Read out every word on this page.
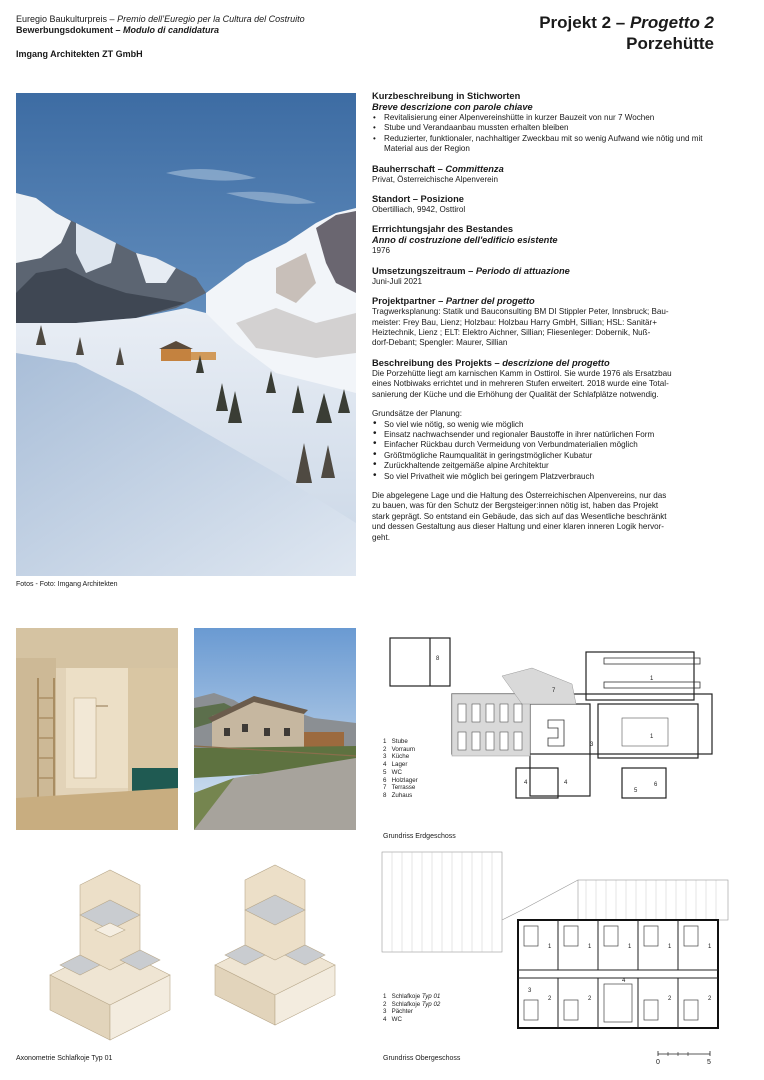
Euregio Baukulturpreis – Premio dell’Euregio per la Cultura del Costruito
Bewerbungsdokument – Modulo di candidatura
Imgang Architekten ZT GmbH
Projekt 2 – Progetto 2
Porzehütte
Fotos - Foto: Imgang Architekten
Kurzbeschreibung in Stichworten
Breve descrizione con parole chiave
• Revitalisierung einer Alpenvereinshütte in kurzer Bauzeit von nur 7 Wochen
• Stube und Verandaanbau mussten erhalten bleiben
• Reduzierter, funktionaler, nachhaltiger Zweckbau mit so wenig Aufwand wie nötig und mit Material aus der Region
Bauherrschaft – Committenza

Privat, Österreichische Alpenverein

Standort – Posizione

Obertilliach, 9942, Osttirol

Errrichtungsjahr des Bestandes
Anno di costruzione dell'edificio esistente

1976

Umsetzungszeitraum – Periodo di attuazione

Juni-Juli 2021

Projektpartner – Partner del progetto

Tragwerksplanung: Statik und Bauconsulting BM DI Stippler Peter, Innsbruck; Bau-

meister: Frey Bau, Lienz; Holzbau: Holzbau Harry GmbH, Sillian; HSL: Sanitär+

Heiztechnik, Lienz ; ELT: Elektro Aichner, Sillian; Fliesenleger: Dobernik, Nuß-

dorf-Debant; Spengler: Maurer, Sillian

Beschreibung des Projekts – descrizione del progetto

Die Porzehütte liegt am karnischen Kamm in Osttirol. Sie wurde 1976 als Ersatzbau

eines Notbiwaks errichtet und in mehreren Stufen erweitert. 2018 wurde eine Total-

sanierung der Küche und die Erhöhung der Qualität der Schlafplätze notwendig.

Grundsätze der Planung:

• So viel wie nötig, so wenig wie möglich
• Einsatz nachwachsender und regionaler Baustoffe in ihrer natürlichen Form
• Einfacher Rückbau durch Vermeidung von Verbundmaterialien möglich
• Größtmögliche Raumqualität in geringstmöglicher Kubatur
• Zurückhaltende zeitgemäße alpine Architektur
• So viel Privatheit wie möglich bei geringem Platzverbrauch

Die abgelegene Lage und die Haltung des Österreichischen Alpenvereins, nur das

zu bauen, was für den Schutz der Bergsteiger:innen nötig ist, haben das Projekt

stark geprägt. So entstand ein Gebäude, das sich auf das Wesentliche beschränkt

und dessen Gestaltung aus dieser Haltung und einer klaren inneren Logik hervor-

geht.

8
7
1
1
3
4	4
5
6
1   Stube
2   Vorraum
3   Küche
4   Lager
5   WC
6   Holzlager
7   Terrasse
8   Zuhaus
Grundriss Erdgeschoss
Axonometrie Schlafkoje Typ 01
1	1	1	1	1
2	2	2	2
3
4
1   Schlafkoje Typ 01
2   Schlafkoje Typ 02
3   Pächter
4   WC
Grundriss Obergeschoss
0	5
